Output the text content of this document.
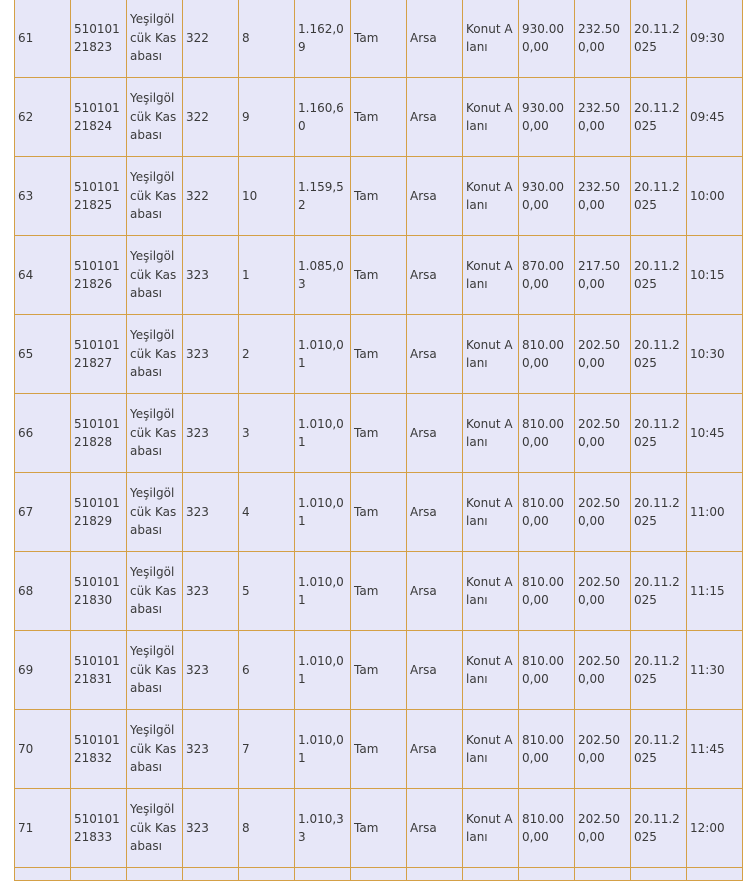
61	51010121823	Yeşilgölcük Kasabası	322	8	1.162,09	Tam	Arsa	Konut Alanı	930.000,00	232.500,00	20.11.2025	09:30
62	51010121824	Yeşilgölcük Kasabası	322	9	1.160,60	Tam	Arsa	Konut Alanı	930.000,00	232.500,00	20.11.2025	09:45
63	51010121825	Yeşilgölcük Kasabası	322	10	1.159,52	Tam	Arsa	Konut Alanı	930.000,00	232.500,00	20.11.2025	10:00
64	51010121826	Yeşilgölcük Kasabası	323	1	1.085,03	Tam	Arsa	Konut Alanı	870.000,00	217.500,00	20.11.2025	10:15
65	51010121827	Yeşilgölcük Kasabası	323	2	1.010,01	Tam	Arsa	Konut Alanı	810.000,00	202.500,00	20.11.2025	10:30
66	51010121828	Yeşilgölcük Kasabası	323	3	1.010,01	Tam	Arsa	Konut Alanı	810.000,00	202.500,00	20.11.2025	10:45
67	51010121829	Yeşilgölcük Kasabası	323	4	1.010,01	Tam	Arsa	Konut Alanı	810.000,00	202.500,00	20.11.2025	11:00
68	51010121830	Yeşilgölcük Kasabası	323	5	1.010,01	Tam	Arsa	Konut Alanı	810.000,00	202.500,00	20.11.2025	11:15
69	51010121831	Yeşilgölcük Kasabası	323	6	1.010,01	Tam	Arsa	Konut Alanı	810.000,00	202.500,00	20.11.2025	11:30
70	51010121832	Yeşilgölcük Kasabası	323	7	1.010,01	Tam	Arsa	Konut Alanı	810.000,00	202.500,00	20.11.2025	11:45
71	51010121833	Yeşilgölcük Kasabası	323	8	1.010,33	Tam	Arsa	Konut Alanı	810.000,00	202.500,00	20.11.2025	12:00
